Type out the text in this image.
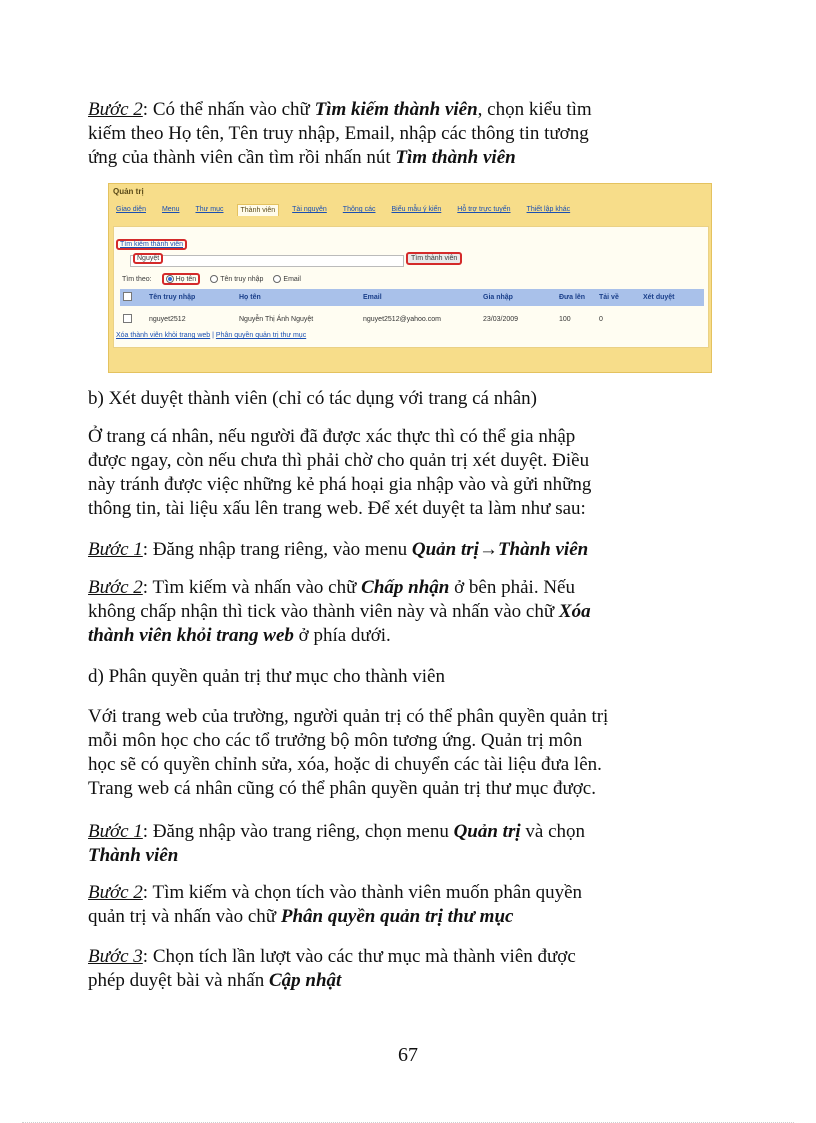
Bước 2: Có thể nhấn vào chữ Tìm kiếm thành viên, chọn kiểu tìm
kiếm theo Họ tên, Tên truy nhập, Email, nhập các thông tin tương
ứng của thành viên cần tìm rồi nhấn nút Tìm thành viên
Quản trị
Giao diện	Menu	Thư mục	Thành viên	Tài nguyên	Thông các	Biểu mẫu ý kiến	Hỗ trợ trực tuyến	Thiết lập khác
Tìm kiếm thành viên
Nguyệt	Tìm thành viên
Tìm theo:	Họ tên	Tên truy nhập	Email
	Tên truy nhập	Họ tên	Email	Gia nhập	Đưa lên	Tải về	Xét duyệt
	nguyet2512	Nguyễn Thị Ánh Nguyệt	nguyet2512@yahoo.com	23/03/2009	100	0	
Xóa thành viên khỏi trang web | Phân quyền quản trị thư mục
b) Xét duyệt thành viên (chỉ có tác dụng với trang cá nhân)
Ở trang cá nhân, nếu người đã được xác thực thì có thể gia nhập
được ngay, còn nếu chưa thì phải chờ cho quản trị xét duyệt. Điều
này tránh được việc những kẻ phá hoại gia nhập vào và gửi những
thông tin, tài liệu xấu lên trang web. Để xét duyệt ta làm như sau:
Bước 1: Đăng nhập trang riêng, vào menu Quản trị→Thành viên
Bước 2: Tìm kiếm và nhấn vào chữ Chấp nhận ở bên phải. Nếu
không chấp nhận thì tick vào thành viên này và nhấn vào chữ Xóa
thành viên khỏi trang web ở phía dưới.
d) Phân quyền quản trị thư mục cho thành viên
Với trang web của trường, người quản trị có thể phân quyền quản trị
mỗi môn học cho các tổ trưởng bộ môn tương ứng. Quản trị môn
học sẽ có quyền chỉnh sửa, xóa, hoặc di chuyển các tài liệu đưa lên.
Trang web cá nhân cũng có thể phân quyền quản trị thư mục được.
Bước 1: Đăng nhập vào trang riêng, chọn menu Quản trị và chọn
Thành viên
Bước 2: Tìm kiếm và chọn tích vào thành viên muốn phân quyền
quản trị và nhấn vào chữ Phân quyền quản trị thư mục
Bước 3: Chọn tích lần lượt vào các thư mục mà thành viên được
phép duyệt bài và nhấn Cập nhật
67
